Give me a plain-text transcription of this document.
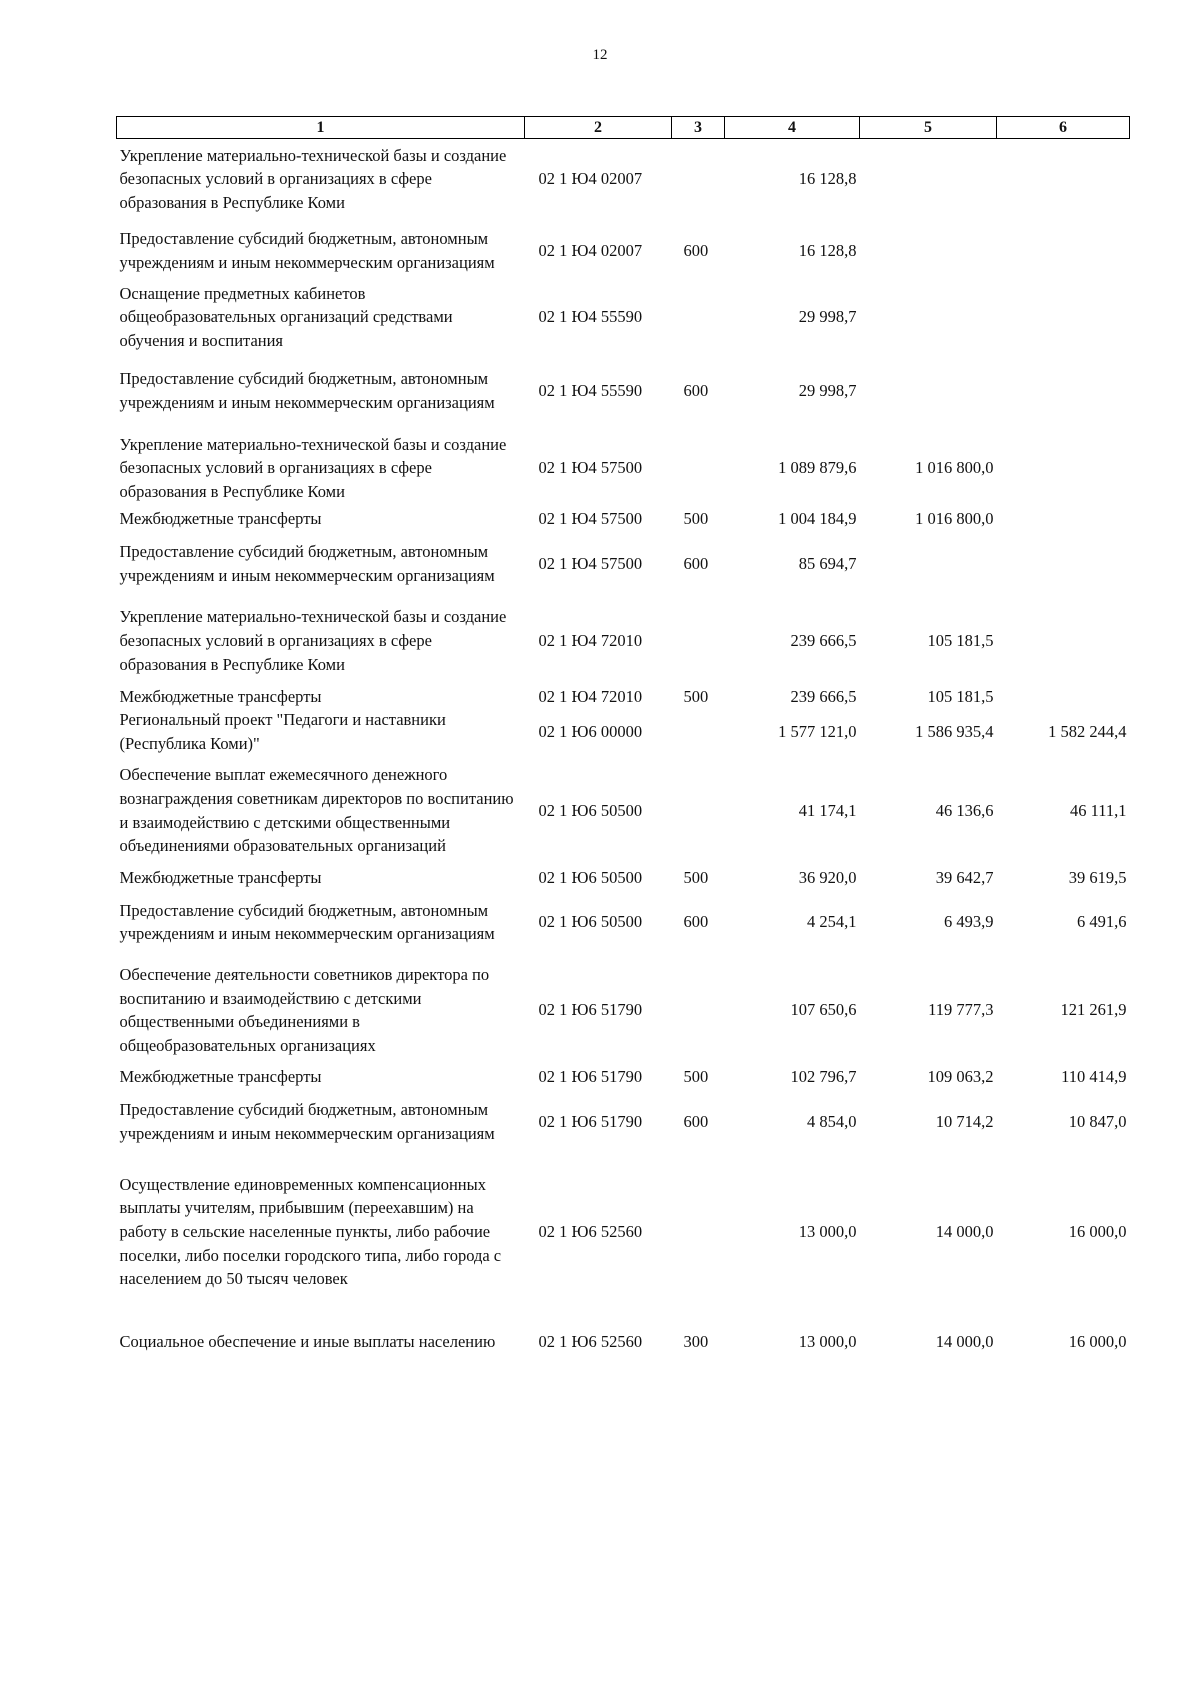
12
1	2	3	4	5	6
Укрепление материально-технической базы и создание безопасных условий в организациях в сфере образования в Республике Коми	02 1 Ю4 02007		16 128,8		
Предоставление субсидий бюджетным, автономным учреждениям и иным некоммерческим организациям	02 1 Ю4 02007	600	16 128,8		
Оснащение предметных кабинетов общеобразовательных организаций средствами обучения и воспитания	02 1 Ю4 55590		29 998,7		
Предоставление субсидий бюджетным, автономным учреждениям и иным некоммерческим организациям	02 1 Ю4 55590	600	29 998,7		
Укрепление материально-технической базы и создание безопасных условий в организациях в сфере образования в Республике Коми	02 1 Ю4 57500		1 089 879,6	1 016 800,0	
Межбюджетные трансферты	02 1 Ю4 57500	500	1 004 184,9	1 016 800,0	
Предоставление субсидий бюджетным, автономным учреждениям и иным некоммерческим организациям	02 1 Ю4 57500	600	85 694,7		
Укрепление материально-технической базы и создание безопасных условий в организациях в сфере образования в Республике Коми	02 1 Ю4 72010		239 666,5	105 181,5	
Межбюджетные трансферты	02 1 Ю4 72010	500	239 666,5	105 181,5	
Региональный проект "Педагоги и наставники (Республика Коми)"	02 1 Ю6 00000		1 577 121,0	1 586 935,4	1 582 244,4
Обеспечение выплат ежемесячного денежного вознаграждения советникам директоров по воспитанию и взаимодействию с детскими общественными объединениями образовательных организаций	02 1 Ю6 50500		41 174,1	46 136,6	46 111,1
Межбюджетные трансферты	02 1 Ю6 50500	500	36 920,0	39 642,7	39 619,5
Предоставление субсидий бюджетным, автономным учреждениям и иным некоммерческим организациям	02 1 Ю6 50500	600	4 254,1	6 493,9	6 491,6
Обеспечение деятельности советников директора по воспитанию и взаимодействию с детскими общественными объединениями в общеобразовательных организациях	02 1 Ю6 51790		107 650,6	119 777,3	121 261,9
Межбюджетные трансферты	02 1 Ю6 51790	500	102 796,7	109 063,2	110 414,9
Предоставление субсидий бюджетным, автономным учреждениям и иным некоммерческим организациям	02 1 Ю6 51790	600	4 854,0	10 714,2	10 847,0
Осуществление единовременных компенсационных выплаты учителям, прибывшим (переехавшим) на работу в сельские населенные пункты, либо рабочие поселки, либо поселки городского типа, либо города с населением до 50 тысяч человек	02 1 Ю6 52560		13 000,0	14 000,0	16 000,0
Социальное обеспечение и иные выплаты населению	02 1 Ю6 52560	300	13 000,0	14 000,0	16 000,0
